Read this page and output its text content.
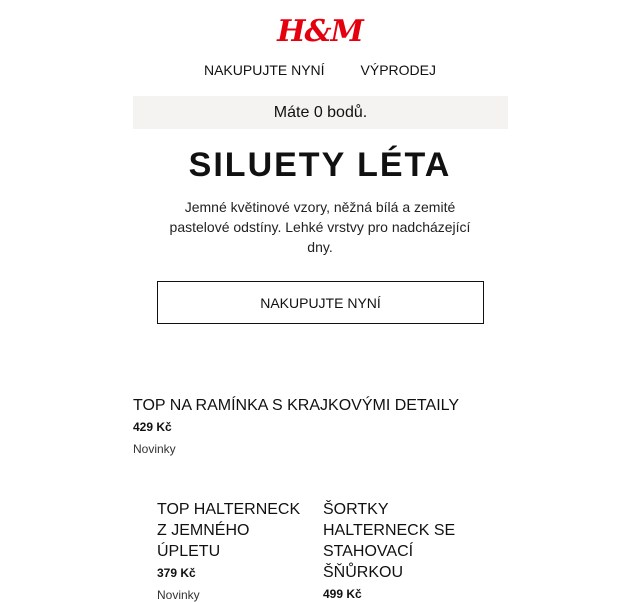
H&M
NAKUPUJTE NYNÍ	VÝPRODEJ
Máte 0 bodů.
SILUETY LÉTA
Jemné květinové vzory, něžná bílá a zemité pastelové odstíny. Lehké vrstvy pro nadcházející dny.
NAKUPUJTE NYNÍ
TOP NA RAMÍNKA S KRAJKOVÝMI DETAILY
429 Kč
Novinky
TOP HALTERNECK Z JEMNÉHO ÚPLETU
379 Kč
Novinky
ŠORTKY HALTERNECK SE STAHOVACÍ ŠŇŮRKOU
499 Kč
